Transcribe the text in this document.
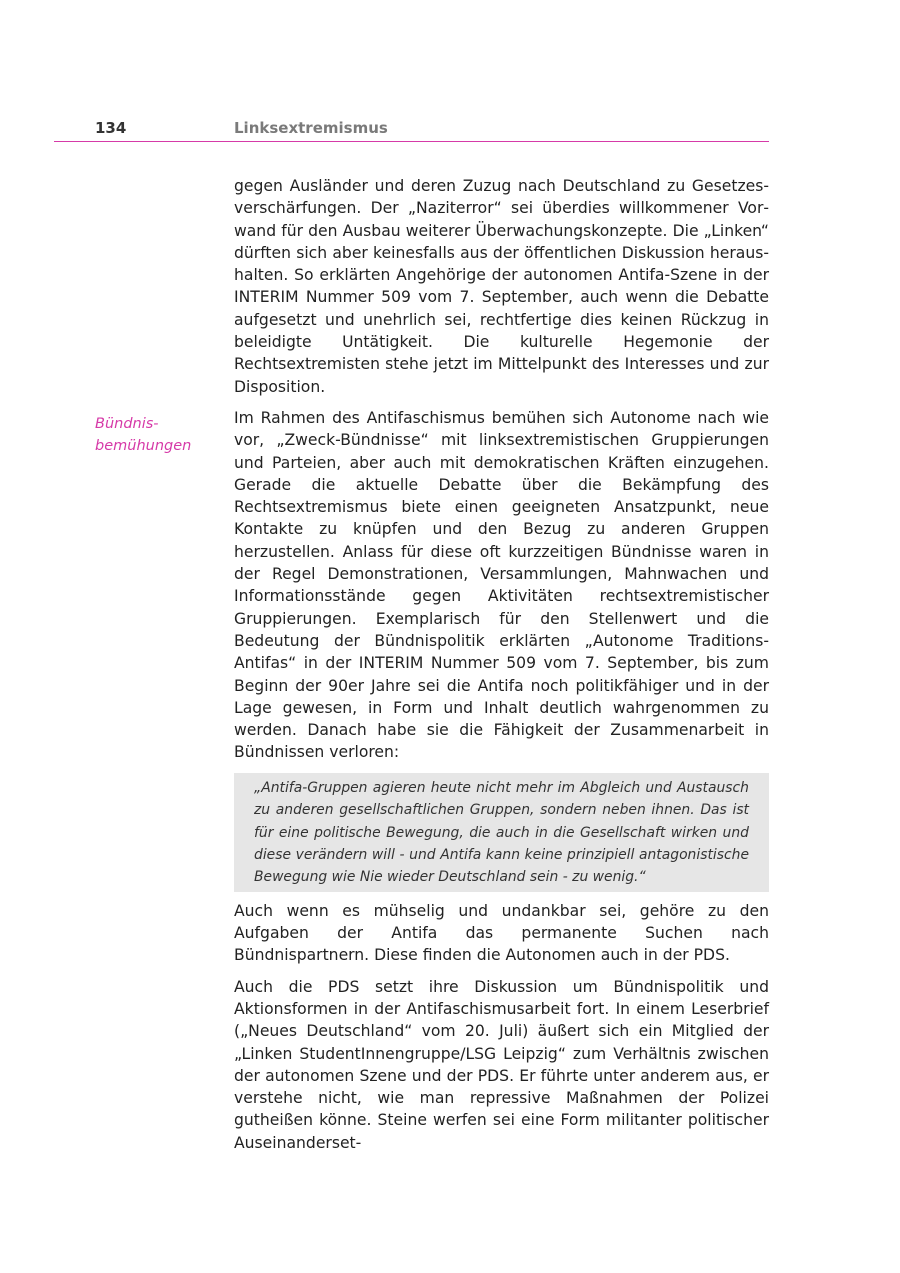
134	Linksextremismus
Bündnis-
bemühungen

gegen Ausländer und deren Zuzug nach Deutschland zu Gesetzesverschärfungen. Der „Naziterror“ sei überdies willkommener Vorwand für den Ausbau weiterer Überwachungskonzepte. Die „Linken“ dürften sich aber keinesfalls aus der öffentlichen Diskussion heraushalten. So erklärten Angehörige der autonomen Antifa-Szene in der INTERIM Nummer 509 vom 7. September, auch wenn die Debatte aufgesetzt und unehrlich sei, rechtfertige dies keinen Rückzug in beleidigte Untätigkeit. Die kulturelle Hegemonie der Rechtsextremisten stehe jetzt im Mittelpunkt des Interesses und zur Disposition.

Im Rahmen des Antifaschismus bemühen sich Autonome nach wie vor, „Zweck-Bündnisse“ mit linksextremistischen Gruppierungen und Parteien, aber auch mit demokratischen Kräften einzugehen. Gerade die aktuelle Debatte über die Bekämpfung des Rechtsextremismus biete einen geeigneten Ansatzpunkt, neue Kontakte zu knüpfen und den Bezug zu anderen Gruppen herzustellen. Anlass für diese oft kurzzeitigen Bündnisse waren in der Regel Demonstrationen, Versammlungen, Mahnwachen und Informationsstände gegen Aktivitäten rechtsextremistischer Gruppierungen. Exemplarisch für den Stellenwert und die Bedeutung der Bündnispolitik erklärten „Autonome Traditions-Antifas“ in der INTERIM Nummer 509 vom 7. September, bis zum Beginn der 90er Jahre sei die Antifa noch politikfähiger und in der Lage gewesen, in Form und Inhalt deutlich wahrgenommen zu werden. Danach habe sie die Fähigkeit der Zusammenarbeit in Bündnissen verloren:

„Antifa-Gruppen agieren heute nicht mehr im Abgleich und Austausch zu anderen gesellschaftlichen Gruppen, sondern neben ihnen. Das ist für eine politische Bewegung, die auch in die Gesellschaft wirken und diese verändern will - und Antifa kann keine prinzipiell antagonistische Bewegung wie Nie wieder Deutschland sein - zu wenig.“

Auch wenn es mühselig und undankbar sei, gehöre zu den Aufgaben der Antifa das permanente Suchen nach Bündnispartnern. Diese finden die Autonomen auch in der PDS.

Auch die PDS setzt ihre Diskussion um Bündnispolitik und Aktionsformen in der Antifaschismusarbeit fort. In einem Leserbrief („Neues Deutschland“ vom 20. Juli) äußert sich ein Mitglied der „Linken StudentInnengruppe/LSG Leipzig“ zum Verhältnis zwischen der autonomen Szene und der PDS. Er führte unter anderem aus, er verstehe nicht, wie man repressive Maßnahmen der Polizei gutheißen könne. Steine werfen sei eine Form militanter politischer Auseinanderset-
